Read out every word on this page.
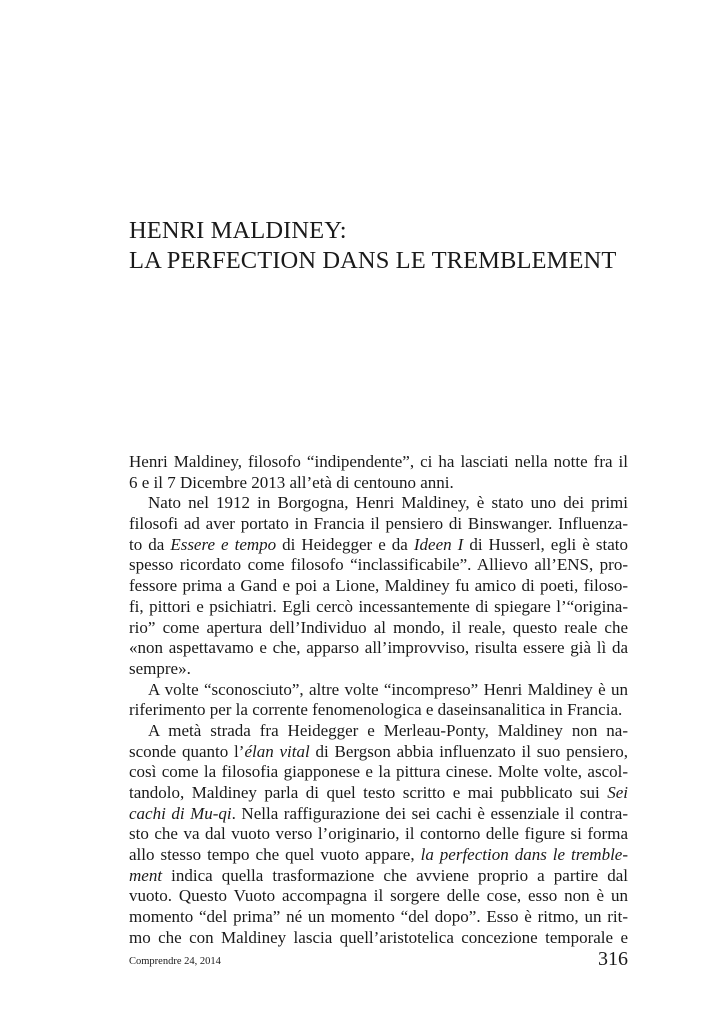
HENRI MALDINEY:
LA PERFECTION DANS LE TREMBLEMENT
Henri Maldiney, filosofo “indipendente”, ci ha lasciati nella notte fra il
6 e il 7 Dicembre 2013 all’età di centouno anni.
Nato nel 1912 in Borgogna, Henri Maldiney, è stato uno dei primi
filosofi ad aver portato in Francia il pensiero di Binswanger. Influenza-
to da Essere e tempo di Heidegger e da Ideen I di Husserl, egli è stato
spesso ricordato come filosofo “inclassificabile”. Allievo all’ENS, pro-
fessore prima a Gand e poi a Lione, Maldiney fu amico di poeti, filoso-
fi, pittori e psichiatri. Egli cercò incessantemente di spiegare l’“origina-
rio” come apertura dell’Individuo al mondo, il reale, questo reale che
«non aspettavamo e che, apparso all’improvviso, risulta essere già lì da
sempre».
A volte “sconosciuto”, altre volte “incompreso” Henri Maldiney è un
riferimento per la corrente fenomenologica e daseinsanalitica in Francia.
A metà strada fra Heidegger e Merleau-Ponty, Maldiney non na-
sconde quanto l’élan vital di Bergson abbia influenzato il suo pensiero,
così come la filosofia giapponese e la pittura cinese. Molte volte, ascol-
tandolo, Maldiney parla di quel testo scritto e mai pubblicato sui Sei
cachi di Mu-qi. Nella raffigurazione dei sei cachi è essenziale il contra-
sto che va dal vuoto verso l’originario, il contorno delle figure si forma
allo stesso tempo che quel vuoto appare, la perfection dans le tremble-
ment indica quella trasformazione che avviene proprio a partire dal
vuoto. Questo Vuoto accompagna il sorgere delle cose, esso non è un
momento “del prima” né un momento “del dopo”. Esso è ritmo, un rit-
mo che con Maldiney lascia quell’aristotelica concezione temporale e
Comprendre 24, 2014	316
